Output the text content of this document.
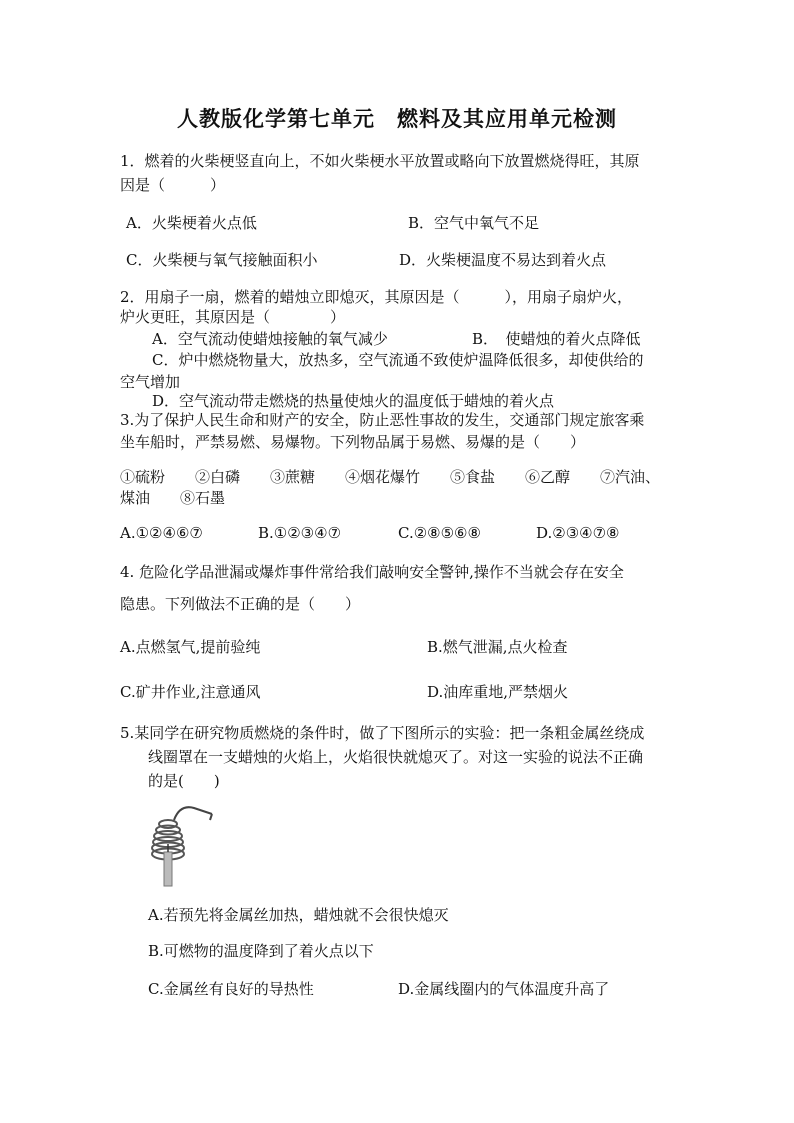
人教版化学第七单元　燃料及其应用单元检测
1．燃着的火柴梗竖直向上，不如火柴梗水平放置或略向下放置燃烧得旺，其原
因是（　　　）
A．火柴梗着火点低	B．空气中氧气不足
C．火柴梗与氧气接触面积小	D．火柴梗温度不易达到着火点
2．用扇子一扇，燃着的蜡烛立即熄灭，其原因是（　　　），用扇子扇炉火，
炉火更旺，其原因是（　　　　）
A．空气流动使蜡烛接触的氧气减少	B．　使蜡烛的着火点降低
C．炉中燃烧物量大，放热多，空气流通不致使炉温降低很多，却使供给的
空气增加
D．空气流动带走燃烧的热量使烛火的温度低于蜡烛的着火点
3.为了保护人民生命和财产的安全，防止恶性事故的发生，交通部门规定旅客乘
坐车船时，严禁易燃、易爆物。下列物品属于易燃、易爆的是（　　）
①硫粉　　②白磷　　③蔗糖　　④烟花爆竹　　⑤食盐　　⑥乙醇　　⑦汽油、
煤油　　⑧石墨
A.①②④⑥⑦	B.①②③④⑦	C.②⑧⑤⑥⑧	D.②③④⑦⑧
4. 危险化学品泄漏或爆炸事件常给我们敲响安全警钟,操作不当就会存在安全
隐患。下列做法不正确的是（　　）
A.点燃氢气,提前验纯	B.燃气泄漏,点火检查
C.矿井作业,注意通风	D.油库重地,严禁烟火
5.某同学在研究物质燃烧的条件时，做了下图所示的实验：把一条粗金属丝绕成
线圈罩在一支蜡烛的火焰上，火焰很快就熄灭了。对这一实验的说法不正确
的是(　　)
A.若预先将金属丝加热，蜡烛就不会很快熄灭
B.可燃物的温度降到了着火点以下
C.金属丝有良好的导热性	D.金属线圈内的气体温度升高了
